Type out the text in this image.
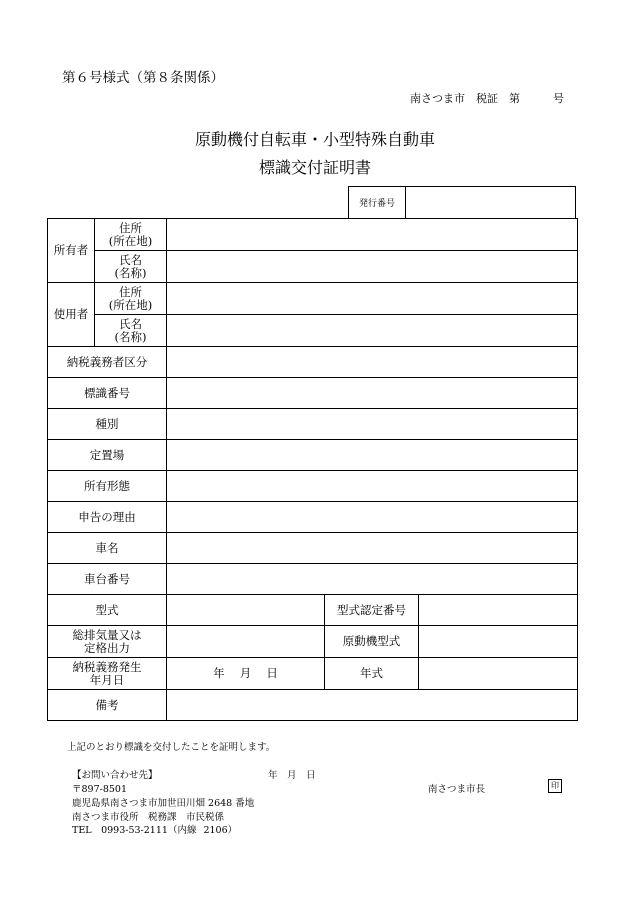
第６号様式（第８条関係）
南さつま市　税証　第　　　号
原動機付自転車・小型特殊自動車
標識交付証明書
発行番号
所有者	住所
(所在地)			
	氏名
(名称)			
使用者	住所
(所在地)			
	氏名
(名称)			
納税義務者区分				
標識番号				
種別				
定置場				
所有形態				
申告の理由				
車名				
車台番号				
型式			型式認定番号	
総排気量又は
定格出力			原動機型式	
納税義務発生
年月日		年　 月　 日	年式	
備考				
上記のとおり標識を交付したことを証明します。
【お問い合わせ先】	年　月　日
〒897-8501
鹿児島県南さつま市加世田川畑 2648 番地
南さつま市役所　税務課　市民税係
TEL　0993-53-2111（内線 2106）
南さつま市長	印
